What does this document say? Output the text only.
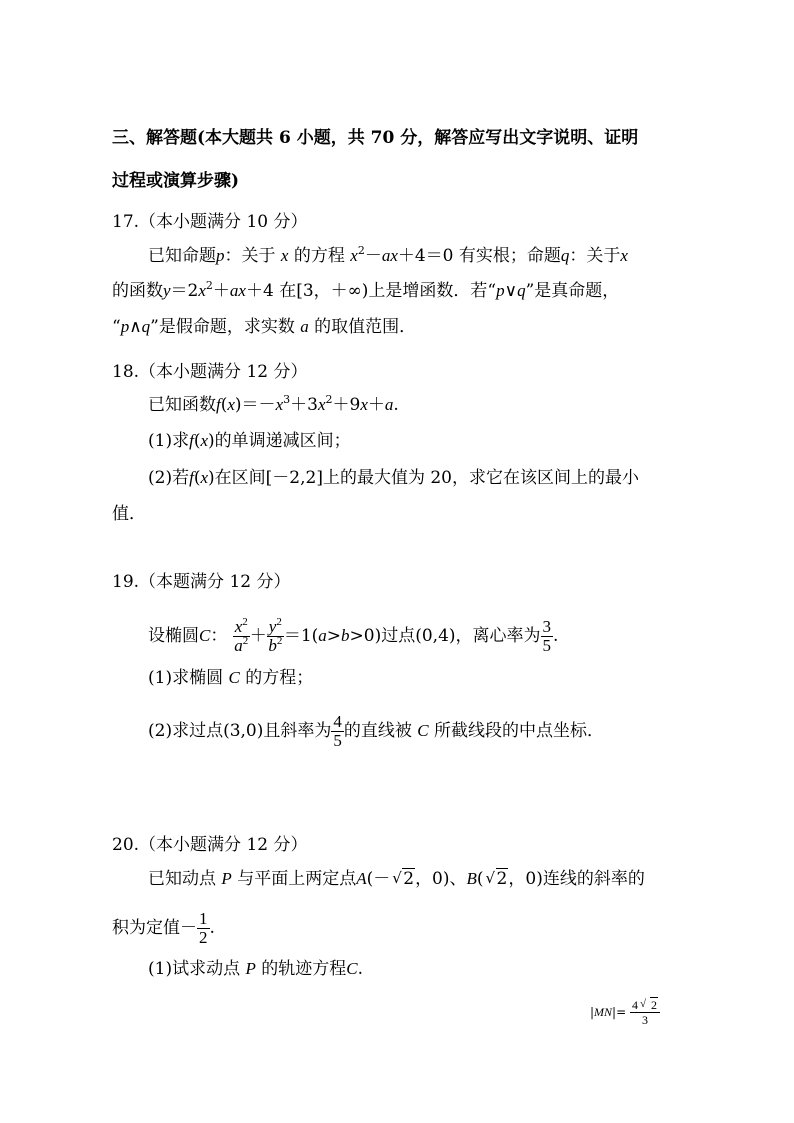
三、解答题(本大题共 6 小题，共 70 分，解答应写出文字说明、证明
过程或演算步骤)
17.（本小题满分 10 分）
已知命题p：关于 x 的方程 $x^2-ax+4=0$ 有实根；命题q：关于x
的函数$y=2x^2+ax+4$ 在[3，＋∞)上是增函数．若“p∨q”是真命题，
“p∧q”是假命题，求实数 a 的取值范围．
18.（本小题满分 12 分）
已知函数$f(x)=-x^3+3x^2+9x+a$.
(1)求f(x)的单调递减区间；
(2)若f(x)在区间[－2,2]上的最大值为 20，求它在该区间上的最小
值．
19.（本题满分 12 分）
设椭圆C： $\frac{x^2}{a^2} + \frac{y^2}{b^2} =1(a>b>0)$过点(0,4)，离心率为 $\frac{3}{5}$ .
(1)求椭圆 C 的方程；
(2)求过点(3,0)且斜率为 $\frac{4}{5}$ 的直线被 C 所截线段的中点坐标．
20.（本小题满分 12 分）
已知动点 P 与平面上两定点A(－ √ 2，0)、B( √ 2，0)连线的斜率的
积为定值－ $\frac{1}{2}$ .
(1)试求动点 P 的轨迹方程C.
$|MN|= \frac{4 √ 2}{3}$
